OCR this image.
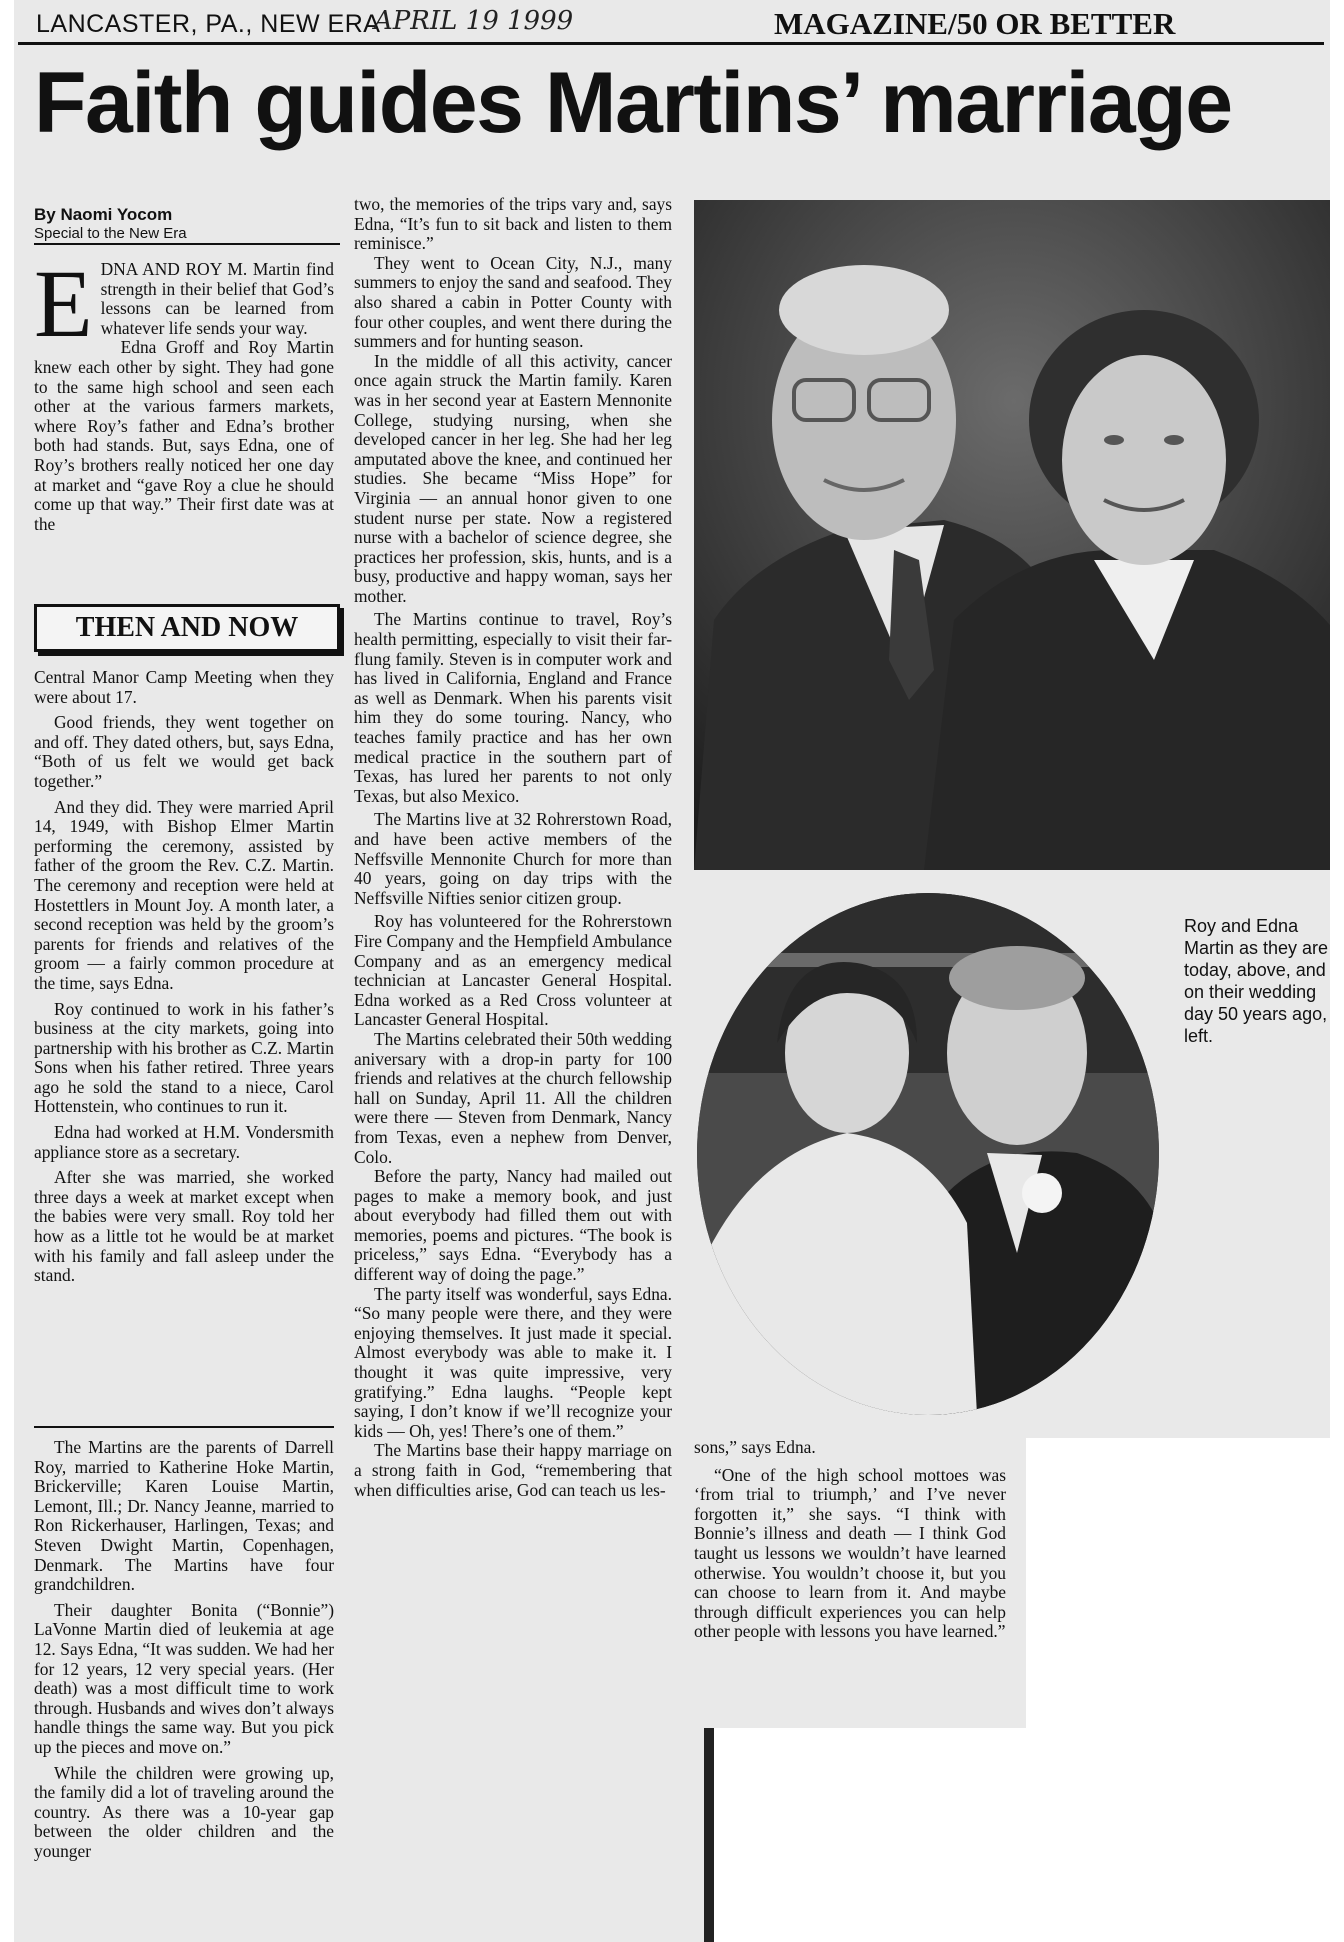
LANCASTER, PA., NEW ERA
APRIL 19 1999	MAGAZINE/50 OR BETTER
Faith guides Martins’ marriage
By Naomi Yocom
Special to the New Era
E DNA AND ROY M. Martin find strength in their belief that God’s lessons can be learned from whatever life sends your way.

Edna Groff and Roy Martin knew each other by sight. They had gone to the same high school and seen each other at the various farmers markets, where Roy’s father and Edna’s brother both had stands. But, says Edna, one of Roy’s brothers really noticed her one day at market and “gave Roy a clue he should come up that way.” Their first date was at the

THEN AND NOW

Central Manor Camp Meeting when they were about 17.

Good friends, they went together on and off. They dated others, but, says Edna, “Both of us felt we would get back together.”

And they did. They were married April 14, 1949, with Bishop Elmer Martin performing the ceremony, assisted by father of the groom the Rev. C.Z. Martin. The ceremony and reception were held at Hostettlers in Mount Joy. A month later, a second reception was held by the groom’s parents for friends and relatives of the groom — a fairly common procedure at the time, says Edna.

Roy continued to work in his father’s business at the city markets, going into partnership with his brother as C.Z. Martin Sons when his father retired. Three years ago he sold the stand to a niece, Carol Hottenstein, who continues to run it.

Edna had worked at H.M. Vondersmith appliance store as a secretary.

After she was married, she worked three days a week at market except when the babies were very small. Roy told her how as a little tot he would be at market with his family and fall asleep under the stand.

The Martins are the parents of Darrell Roy, married to Katherine Hoke Martin, Brickerville; Karen Louise Martin, Lemont, Ill.; Dr. Nancy Jeanne, married to Ron Rickerhauser, Harlingen, Texas; and Steven Dwight Martin, Copenhagen, Denmark. The Martins have four grandchildren.

Their daughter Bonita (“Bonnie”) LaVonne Martin died of leukemia at age 12. Says Edna, “It was sudden. We had her for 12 years, 12 very special years. (Her death) was a most difficult time to work through. Husbands and wives don’t always handle things the same way. But you pick up the pieces and move on.”

While the children were growing up, the family did a lot of traveling around the country. As there was a 10-year gap between the older children and the younger

two, the memories of the trips vary and, says Edna, “It’s fun to sit back and listen to them reminisce.”

They went to Ocean City, N.J., many summers to enjoy the sand and seafood. They also shared a cabin in Potter County with four other couples, and went there during the summers and for hunting season.

In the middle of all this activity, cancer once again struck the Martin family. Karen was in her second year at Eastern Mennonite College, studying nursing, when she developed cancer in her leg. She had her leg amputated above the knee, and continued her studies. She became “Miss Hope” for Virginia — an annual honor given to one student nurse per state. Now a registered nurse with a bachelor of science degree, she practices her profession, skis, hunts, and is a busy, productive and happy woman, says her mother.

The Martins continue to travel, Roy’s health permitting, especially to visit their far-flung family. Steven is in computer work and has lived in California, England and France as well as Denmark. When his parents visit him they do some touring. Nancy, who teaches family practice and has her own medical practice in the southern part of Texas, has lured her parents to not only Texas, but also Mexico.

The Martins live at 32 Rohrerstown Road, and have been active members of the Neffsville Mennonite Church for more than 40 years, going on day trips with the Neffsville Nifties senior citizen group.

Roy has volunteered for the Rohrerstown Fire Company and the Hempfield Ambulance Company and as an emergency medical technician at Lancaster General Hospital. Edna worked as a Red Cross volunteer at Lancaster General Hospital.

The Martins celebrated their 50th wedding aniversary with a drop-in party for 100 friends and relatives at the church fellowship hall on Sunday, April 11. All the children were there — Steven from Denmark, Nancy from Texas, even a nephew from Denver, Colo.

Before the party, Nancy had mailed out pages to make a memory book, and just about everybody had filled them out with memories, poems and pictures. “The book is priceless,” says Edna. “Everybody has a different way of doing the page.”

The party itself was wonderful, says Edna. “So many people were there, and they were enjoying themselves. It just made it special. Almost everybody was able to make it. I thought it was quite impressive, very gratifying.” Edna laughs. “People kept saying, I don’t know if we’ll recognize your kids — Oh, yes! There’s one of them.”

The Martins base their happy marriage on a strong faith in God, “remembering that when difficulties arise, God can teach us les-

Roy and Edna Martin as they are today, above, and on their wedding day 50 years ago, left.

sons,” says Edna.

“One of the high school mottoes was ‘from trial to triumph,’ and I’ve never forgotten it,” she says. “I think with Bonnie’s illness and death — I think God taught us lessons we wouldn’t have learned otherwise. You wouldn’t choose it, but you can choose to learn from it. And maybe through difficult experiences you can help other people with lessons you have learned.”
